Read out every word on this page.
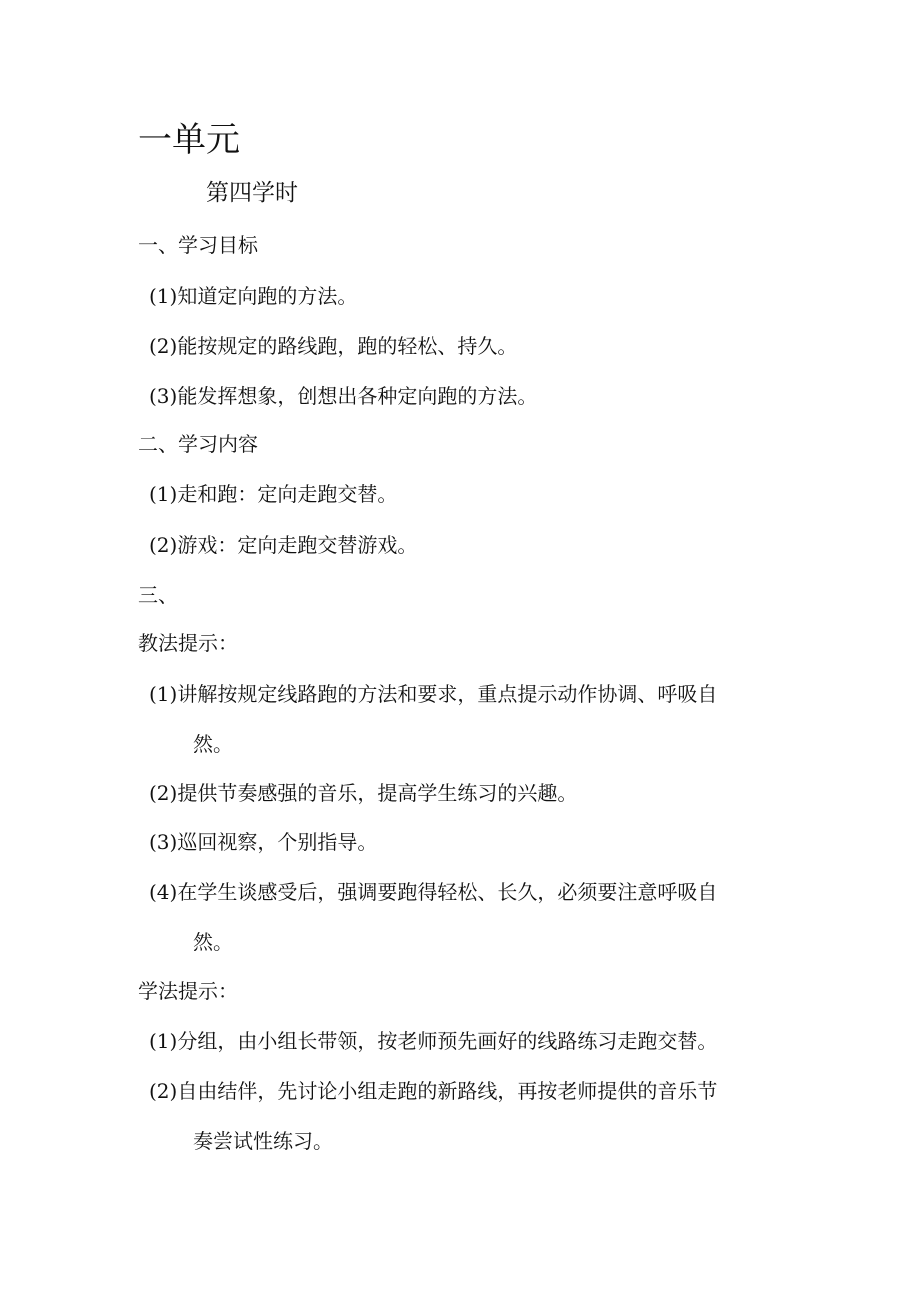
一单元
第四学时
一、学习目标
(1)知道定向跑的方法。
(2)能按规定的路线跑，跑的轻松、持久。
(3)能发挥想象，创想出各种定向跑的方法。
二、学习内容
(1)走和跑：定向走跑交替。
(2)游戏：定向走跑交替游戏。
三、
教法提示：
(1)讲解按规定线路跑的方法和要求，重点提示动作协调、呼吸自
然。
(2)提供节奏感强的音乐，提高学生练习的兴趣。
(3)巡回视察，个别指导。
(4)在学生谈感受后，强调要跑得轻松、长久，必须要注意呼吸自
然。
学法提示：
(1)分组，由小组长带领，按老师预先画好的线路练习走跑交替。
(2)自由结伴，先讨论小组走跑的新路线，再按老师提供的音乐节
奏尝试性练习。
